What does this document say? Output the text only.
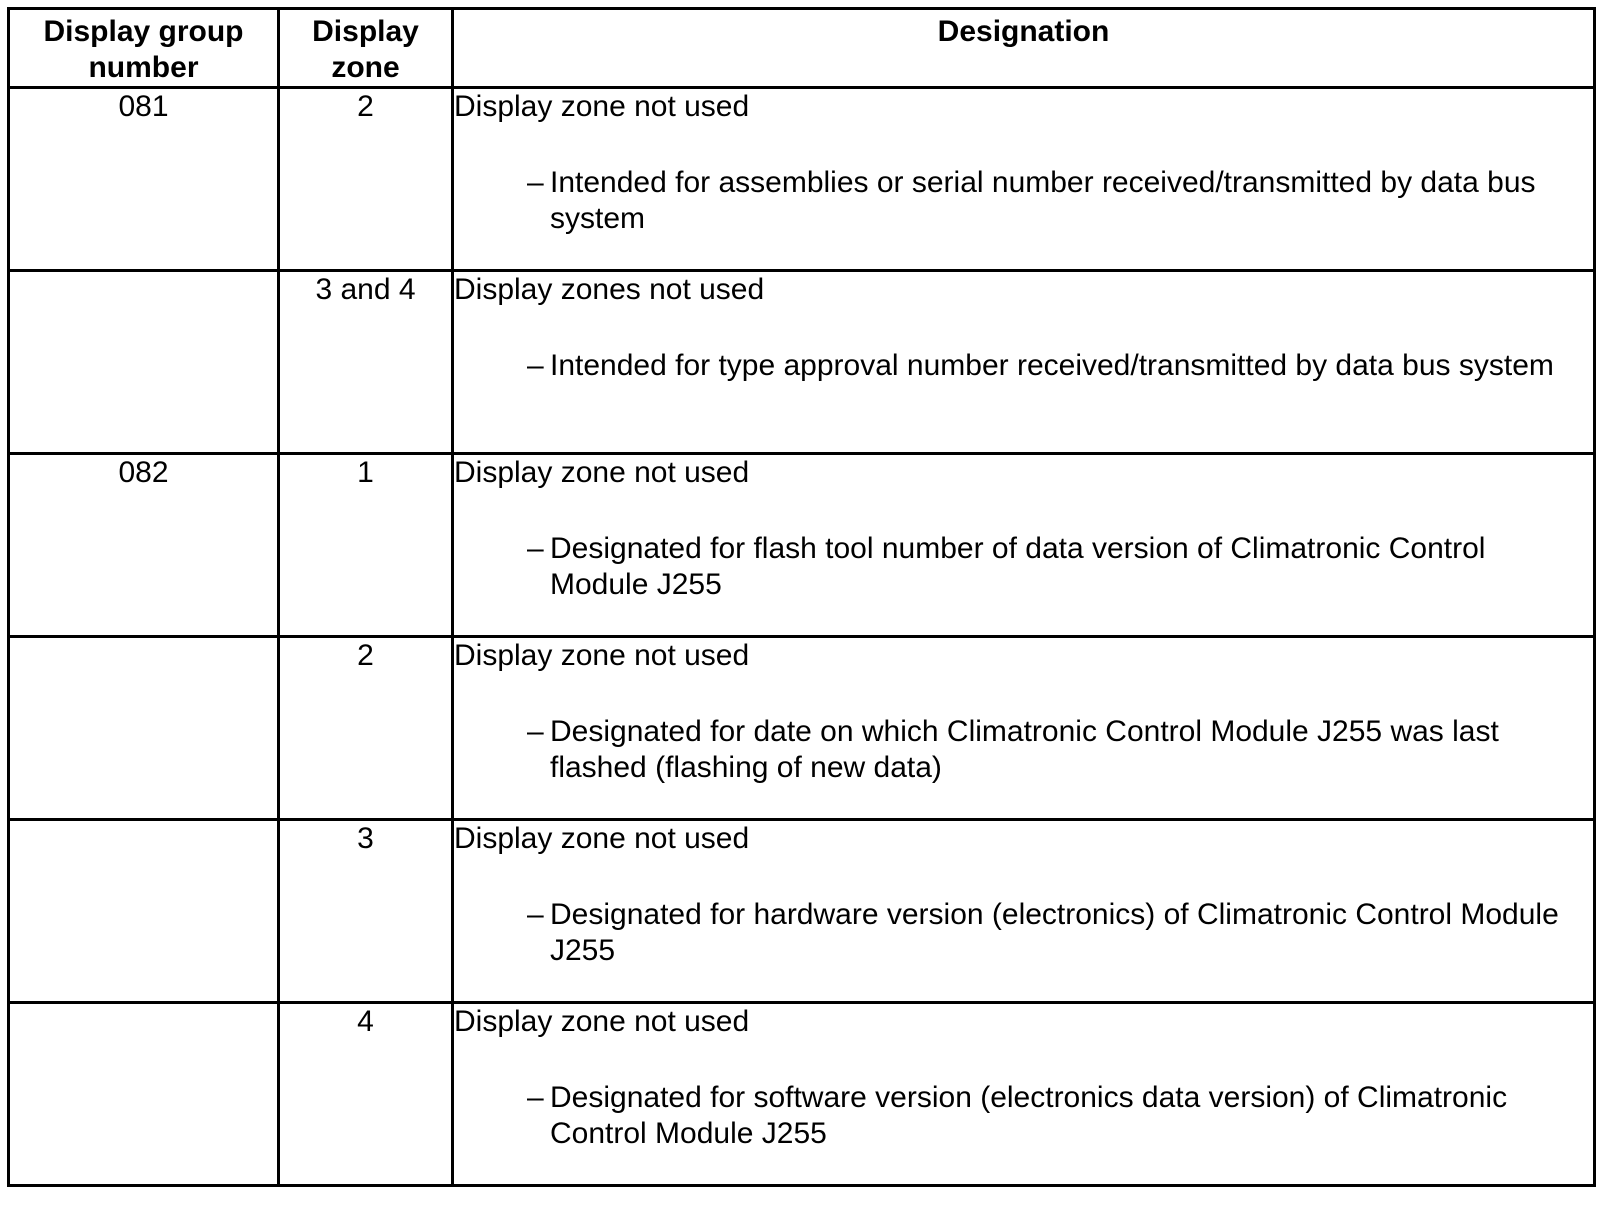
Display group number	Display zone	Designation
081	2	Display zone not used
– Intended for assemblies or serial number received/transmitted by data bus system

	3 and 4	Display zones not used
– Intended for type approval number received/transmitted by data bus system

082	1	Display zone not used
– Designated for flash tool number of data version of Climatronic Control Module J255

	2	Display zone not used
– Designated for date on which Climatronic Control Module J255 was last flashed (flashing of new data)

	3	Display zone not used
– Designated for hardware version (electronics) of Climatronic Control Module J255

	4	Display zone not used
– Designated for software version (electronics data version) of Climatronic Control Module J255
